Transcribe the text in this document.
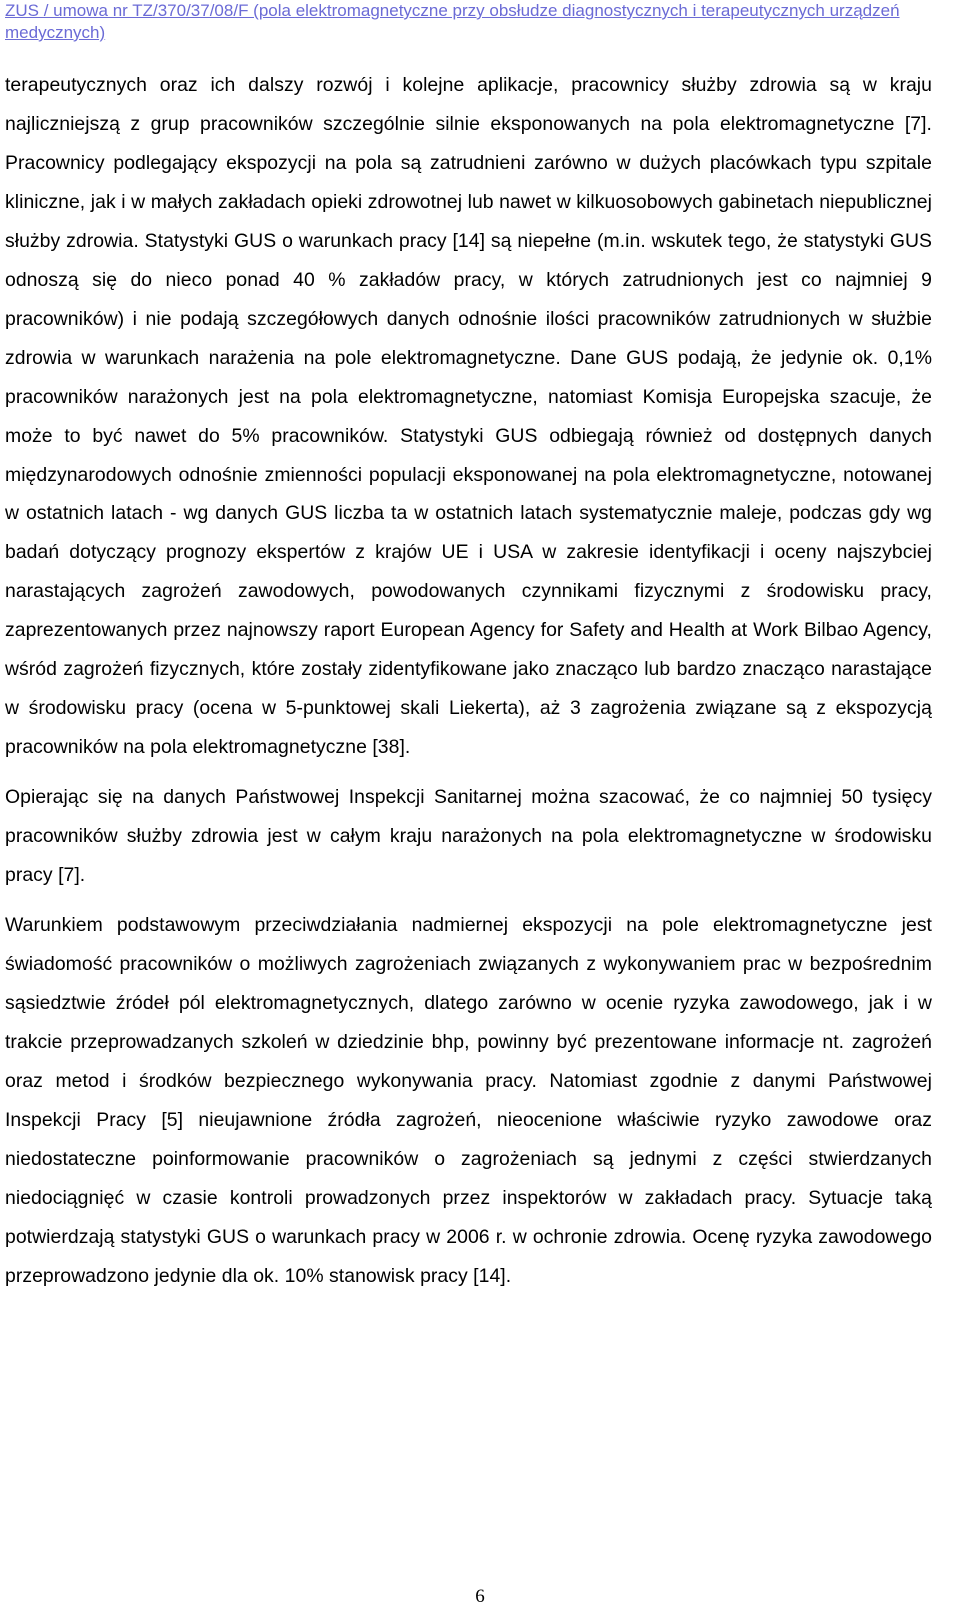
ZUS / umowa nr TZ/370/37/08/F (pola elektromagnetyczne przy obsłudze diagnostycznych i terapeutycznych urządzeń medycznych)

terapeutycznych oraz ich dalszy rozwój i kolejne aplikacje, pracownicy służby zdrowia są w kraju najliczniejszą z grup pracowników szczególnie silnie eksponowanych na pola elektromagnetyczne [7]. Pracownicy podlegający ekspozycji na pola są zatrudnieni zarówno w dużych placówkach typu szpitale kliniczne, jak i w małych zakładach opieki zdrowotnej lub nawet w kilkuosobowych gabinetach niepublicznej służby zdrowia. Statystyki GUS o warunkach pracy [14] są niepełne (m.in. wskutek tego, że statystyki GUS odnoszą się do nieco ponad 40 % zakładów pracy, w których zatrudnionych jest co najmniej 9 pracowników) i nie podają szczegółowych danych odnośnie ilości pracowników zatrudnionych w służbie zdrowia w warunkach narażenia na pole elektromagnetyczne. Dane GUS podają, że jedynie ok. 0,1% pracowników narażonych jest na pola elektromagnetyczne, natomiast Komisja Europejska szacuje, że może to być nawet do 5% pracowników. Statystyki GUS odbiegają również od dostępnych danych międzynarodowych odnośnie zmienności populacji eksponowanej na pola elektromagnetyczne, notowanej w ostatnich latach - wg danych GUS liczba ta w ostatnich latach systematycznie maleje, podczas gdy wg badań dotyczący prognozy ekspertów z krajów UE i USA w zakresie identyfikacji i oceny najszybciej narastających zagrożeń zawodowych, powodowanych czynnikami fizycznymi z środowisku pracy, zaprezentowanych przez najnowszy raport European Agency for Safety and Health at Work Bilbao Agency, wśród zagrożeń fizycznych, które zostały zidentyfikowane jako znacząco lub bardzo znacząco narastające w środowisku pracy (ocena w 5-punktowej skali Liekerta), aż 3 zagrożenia związane są z ekspozycją pracowników na pola elektromagnetyczne [38].

Opierając się na danych Państwowej Inspekcji Sanitarnej można szacować, że co najmniej 50 tysięcy pracowników służby zdrowia jest w całym kraju narażonych na pola elektromagnetyczne w środowisku pracy [7].

Warunkiem podstawowym przeciwdziałania nadmiernej ekspozycji na pole elektromagnetyczne jest świadomość pracowników o możliwych zagrożeniach związanych z wykonywaniem prac w bezpośrednim sąsiedztwie źródeł pól elektromagnetycznych, dlatego zarówno w ocenie ryzyka zawodowego, jak i w trakcie przeprowadzanych szkoleń w dziedzinie bhp, powinny być prezentowane informacje nt. zagrożeń oraz metod i środków bezpiecznego wykonywania pracy. Natomiast zgodnie z danymi Państwowej Inspekcji Pracy [5] nieujawnione źródła zagrożeń, nieocenione właściwie ryzyko zawodowe oraz niedostateczne poinformowanie pracowników o zagrożeniach są jednymi z części stwierdzanych niedociągnięć w czasie kontroli prowadzonych przez inspektorów w zakładach pracy. Sytuacje taką potwierdzają statystyki GUS o warunkach pracy w 2006 r. w ochronie zdrowia. Ocenę ryzyka zawodowego przeprowadzono jedynie dla ok. 10% stanowisk pracy [14].

6
